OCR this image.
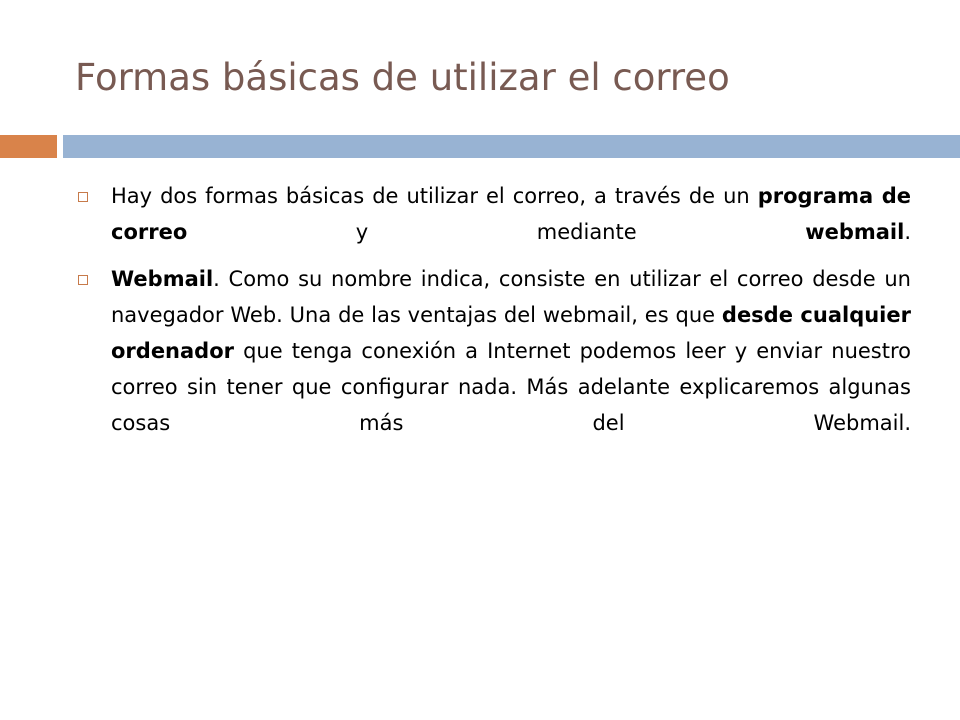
Formas básicas de utilizar el correo
Hay dos formas básicas de utilizar el correo, a través de un programa de correo y mediante webmail.
Webmail. Como su nombre indica, consiste en utilizar el correo desde un navegador Web. Una de las ventajas del webmail, es que desde cualquier ordenador que tenga conexión a Internet podemos leer y enviar nuestro correo sin tener que configurar nada. Más adelante explicaremos algunas cosas más del Webmail.
